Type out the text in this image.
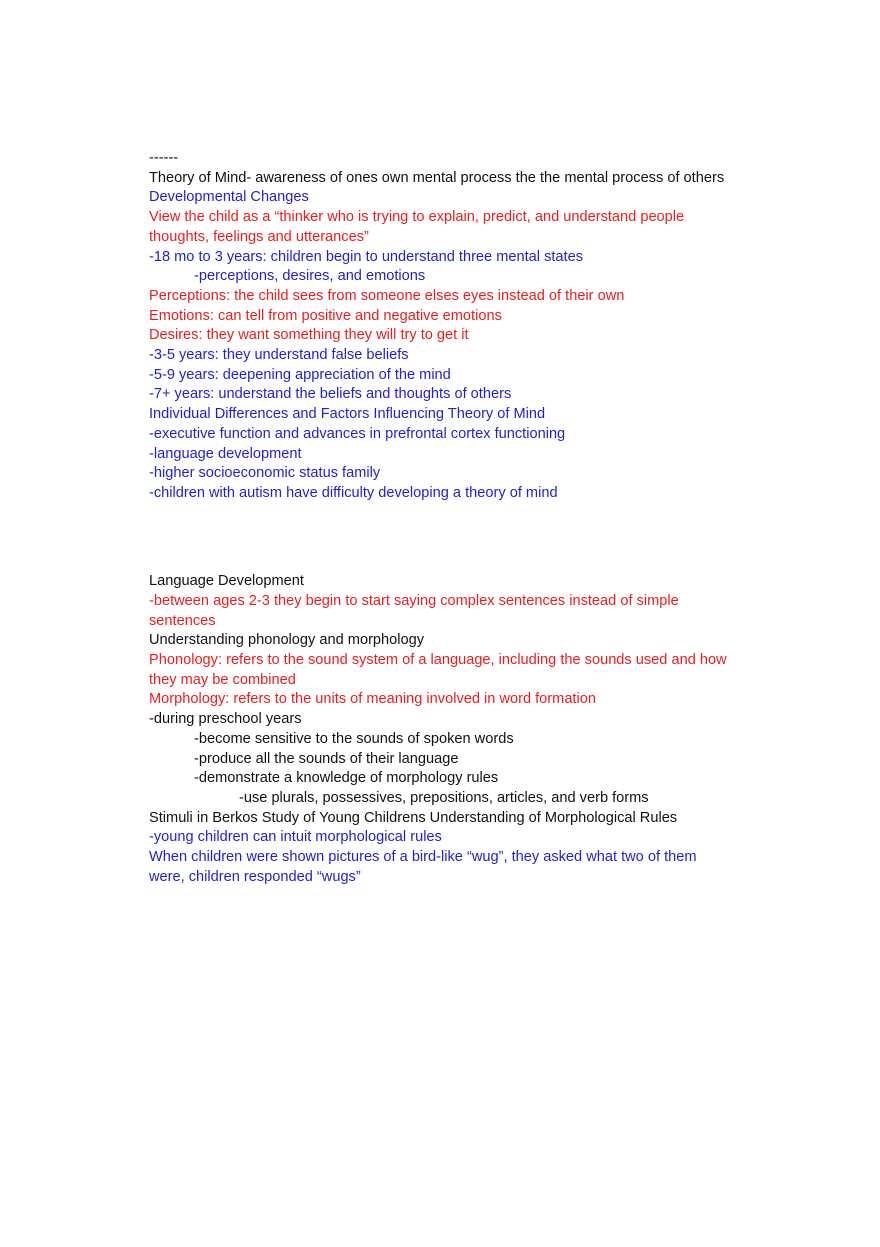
------

Theory of Mind- awareness of ones own mental process the the mental process of others

Developmental Changes

View the child as a “thinker who is trying to explain, predict, and understand people thoughts, feelings and utterances”

-18 mo to 3 years: children begin to understand three mental states

-perceptions, desires, and emotions

Perceptions: the child sees from someone elses eyes instead of their own

Emotions: can tell from positive and negative emotions

Desires: they want something they will try to get it

-3-5 years: they understand false beliefs

-5-9 years: deepening appreciation of the mind

-7+ years: understand the beliefs and thoughts of others

Individual Differences and Factors Influencing Theory of Mind

-executive function and advances in prefrontal cortex functioning

-language development

-higher socioeconomic status family

-children with autism have difficulty developing a theory of mind

Language Development

-between ages 2-3 they begin to start saying complex sentences instead of simple sentences

Understanding phonology and morphology

Phonology: refers to the sound system of a language, including the sounds used and how they may be combined

Morphology: refers to the units of meaning involved in word formation

-during preschool years

-become sensitive to the sounds of spoken words

-produce all the sounds of their language

-demonstrate a knowledge of morphology rules

-use plurals, possessives, prepositions, articles, and verb forms

Stimuli in Berkos Study of Young Childrens Understanding of Morphological Rules

-young children can intuit morphological rules

When children were shown pictures of a bird-like “wug”, they asked what two of them were, children responded “wugs”
